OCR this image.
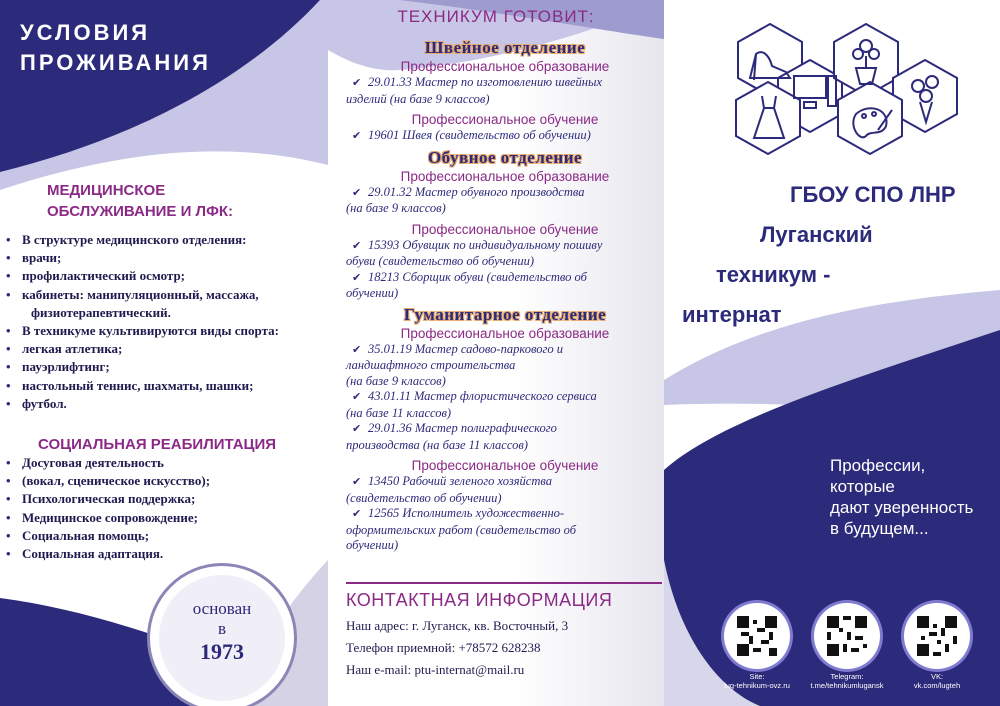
УСЛОВИЯ
ПРОЖИВАНИЯ
МЕДИЦИНСКОЕ
ОБСЛУЖИВАНИЕ И ЛФК:
• В структуре медицинского отделения:
• врачи;
• профилактический осмотр;
• кабинеты: манипуляционный, массажа,
физиотерапевтический.
• В техникуме культивируются виды спорта:
• легкая атлетика;
• пауэрлифтинг;
• настольный теннис, шахматы, шашки;
• футбол.
СОЦИАЛЬНАЯ РЕАБИЛИТАЦИЯ
• Досуговая деятельность
• (вокал, сценическое искусство);
• Психологическая поддержка;
• Медицинское сопровождение;
• Социальная помощь;
• Социальная адаптация.
основан
в
1973
ТЕХНИКУМ ГОТОВИТ:
Швейное отделение
Профессиональное образование
✔ 29.01.33 Мастер по изготовлению швейных
изделий (на базе 9 классов)
Профессиональное обучение
✔ 19601 Швея (свидетельство об обучении)
Обувное отделение
Профессиональное образование
✔ 29.01.32 Мастер обувного производства
(на базе 9 классов)
Профессиональное обучение
✔ 15393 Обувщик по индивидуальному пошиву
обуви (свидетельство об обучении)
✔ 18213 Сборщик обуви (свидетельство об
обучении)
Гуманитарное отделение
Профессиональное образование
✔ 35.01.19 Мастер садово-паркового и
ландшафтного строительства
(на базе 9 классов)
✔ 43.01.11 Мастер флористического сервиса
(на базе 11 классов)
✔ 29.01.36 Мастер полиграфического
производства (на базе 11 классов)
Профессиональное обучение
✔ 13450 Рабочий зеленого хозяйства
(свидетельство об обучении)
✔ 12565 Исполнитель художественно-
оформительских работ (свидетельство об
обучении)
КОНТАКТНАЯ ИНФОРМАЦИЯ
Наш адрес: г. Луганск, кв. Восточный, 3
Телефон приемной: +78572 628238
Наш e-mail: ptu-internat@mail.ru
ГБОУ СПО ЛНР
Луганский
техникум -
интернат
Профессии,
которые
дают уверенность
в будущем...
Site:
lug-tehnikum-ovz.ru
Telegram:
t.me/tehnikumlugansk
VK:
vk.com/lugteh
